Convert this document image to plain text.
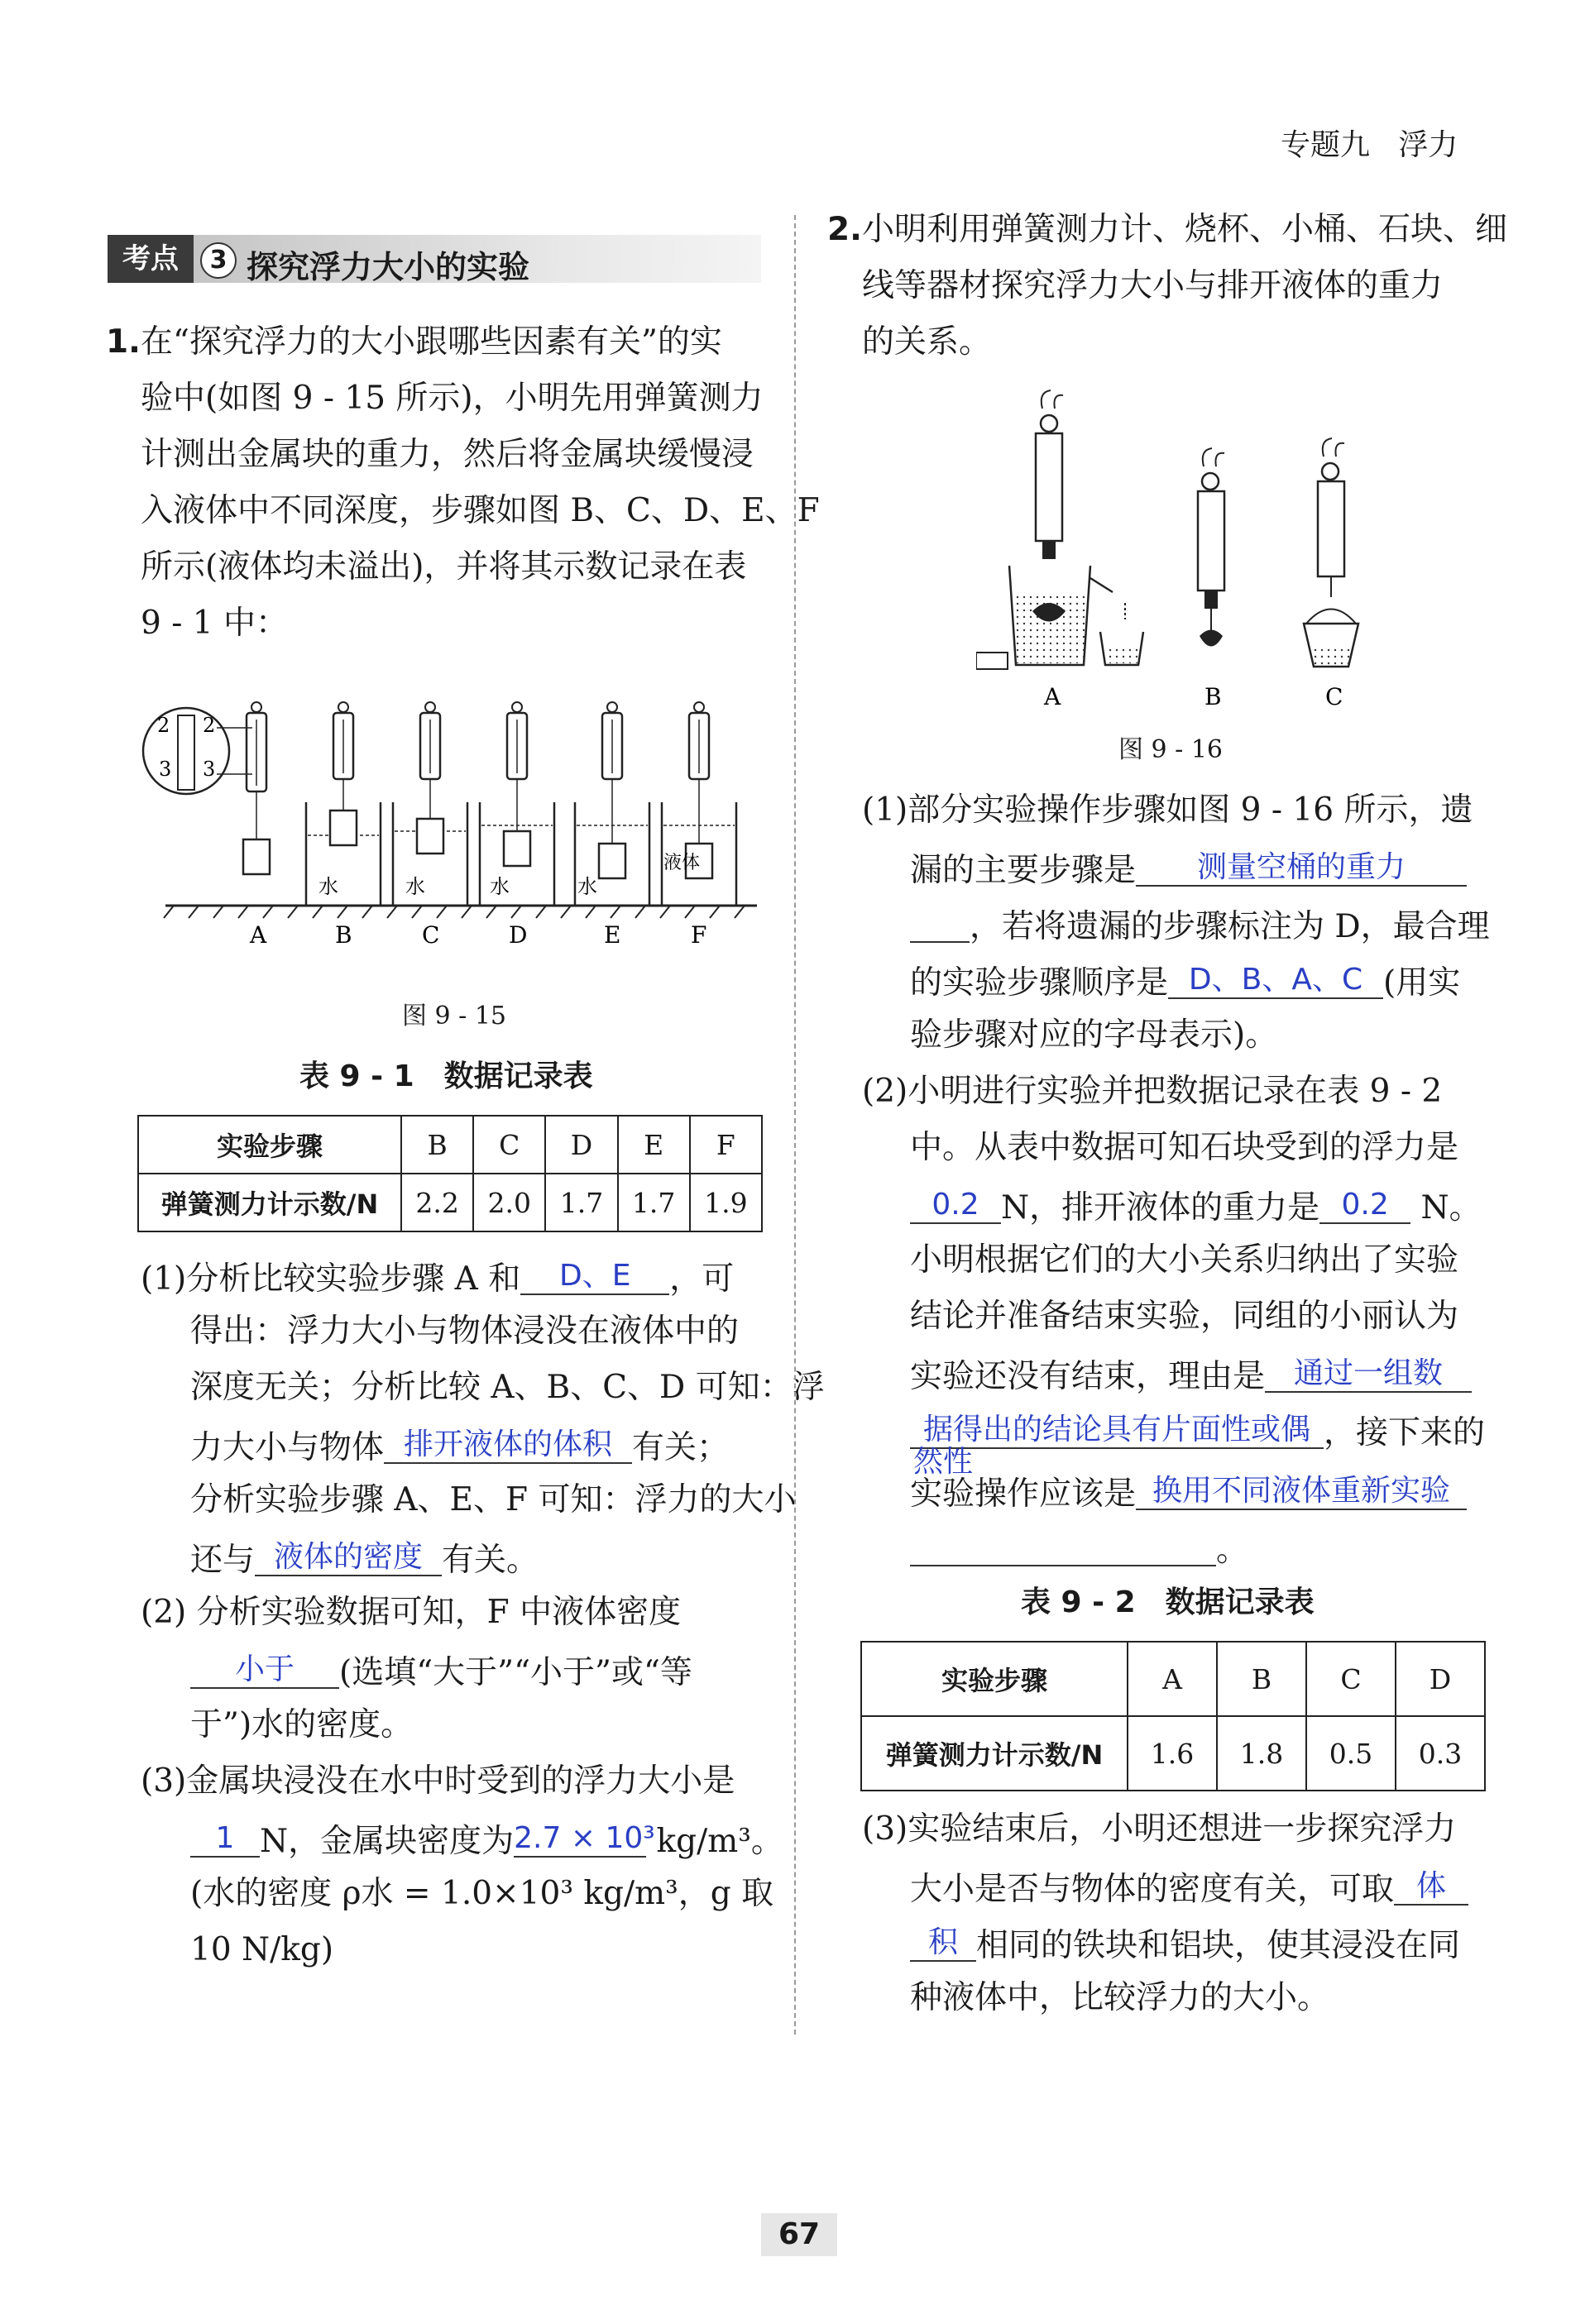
专题九 浮力
考点	3 探究浮力大小的实验
1. 在“探究浮力的大小跟哪些因素有关”的实
验中(如图 9 - 15 所示)，小明先用弹簧测力
计测出金属块的重力，然后将金属块缓慢浸
入液体中不同深度，步骤如图 B、C、D、E、F
所示(液体均未溢出)，并将其示数记录在表
9 - 1 中：
2
3
2
3
水	水	水	水
液体
A	B	C	D	E	F
图 9 - 15
表 9 - 1　数据记录表
实验步骤	B	C	D	E	F
弹簧测力计示数/N	2.2	2.0	1.7	1.7	1.9
(1)分析比较实验步骤 A 和 D、E ，可
得出：浮力大小与物体浸没在液体中的
深度无关；分析比较 A、B、C、D 可知：浮
力大小与物体 排开液体的体积 有关；
分析实验步骤 A、E、F 可知：浮力的大小
还与 液体的密度 有关。
(2) 分析实验数据可知，F 中液体密度
小于 (选填“大于”“小于”或“等
于”)水的密度。
(3)金属块浸没在水中时受到的浮力大小是
1 N，金属块密度为2.7 × 10³ kg/m³。
(水的密度 ρ水 = 1.0×10³ kg/m³，g 取
10 N/kg)
2. 小明利用弹簧测力计、烧杯、小桶、石块、细
线等器材探究浮力大小与排开液体的重力
的关系。
A	B	C
图 9 - 16
(1)部分实验操作步骤如图 9 - 16 所示，遗
漏的主要步骤是 测量空桶的重力
，若将遗漏的步骤标注为 D，最合理
的实验步骤顺序是 D、B、A、C (用实
验步骤对应的字母表示)。
(2)小明进行实验并把数据记录在表 9 - 2
中。从表中数据可知石块受到的浮力是
0.2 N，排开液体的重力是 0.2 N。
小明根据它们的大小关系归纳出了实验
结论并准备结束实验，同组的小丽认为
实验还没有结束，理由是 通过一组数
据得出的结论具有片面性或偶 ，接下来的
然性
实验操作应该是 换用不同液体重新实验
。
表 9 - 2　数据记录表
实验步骤	A	B	C	D
弹簧测力计示数/N	1.6	1.8	0.5	0.3
(3)实验结束后，小明还想进一步探究浮力
大小是否与物体的密度有关，可取 体
积 相同的铁块和铝块，使其浸没在同
种液体中，比较浮力的大小。
67
